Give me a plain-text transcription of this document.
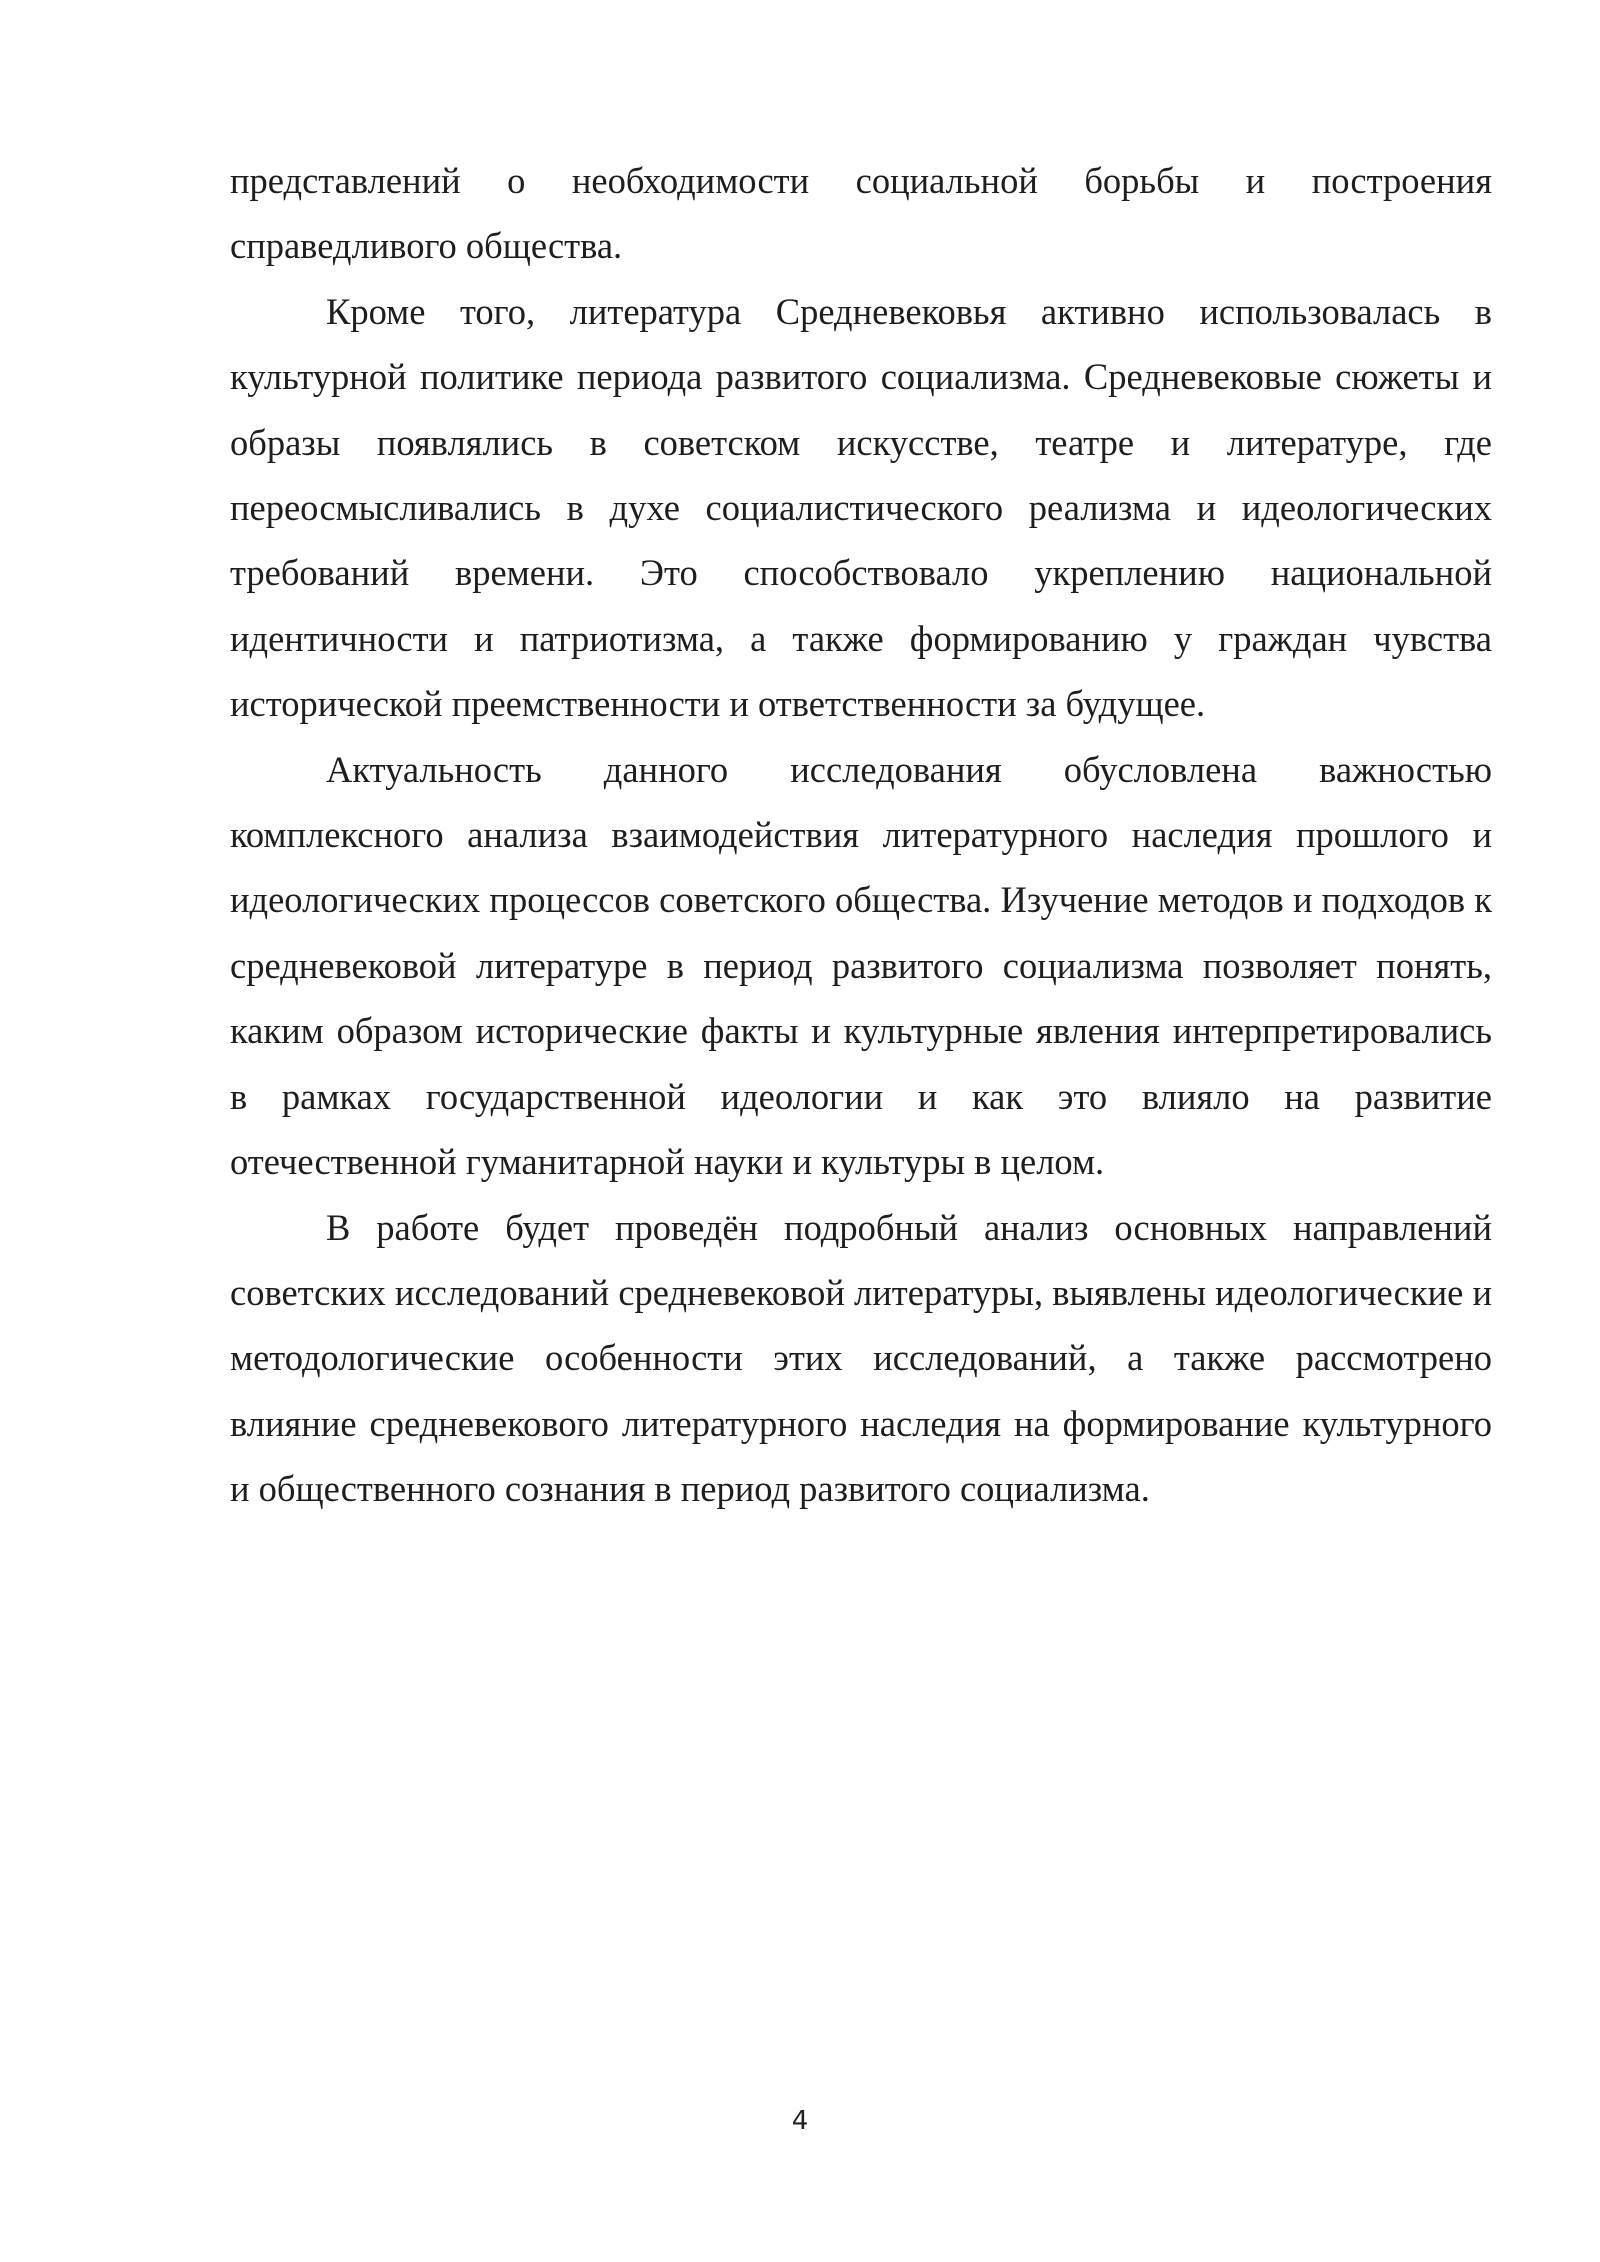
представлений о необходимости социальной борьбы и построения справедливого общества.

Кроме того, литература Средневековья активно использовалась в культурной политике периода развитого социализма. Средневековые сюжеты и образы появлялись в советском искусстве, театре и литературе, где переосмысливались в духе социалистического реализма и идеологических требований времени. Это способствовало укреплению национальной идентичности и патриотизма, а также формированию у граждан чувства исторической преемственности и ответственности за будущее.

Актуальность данного исследования обусловлена важностью комплексного анализа взаимодействия литературного наследия прошлого и идеологических процессов советского общества. Изучение методов и подходов к средневековой литературе в период развитого социализма позволяет понять, каким образом исторические факты и культурные явления интерпретировались в рамках государственной идеологии и как это влияло на развитие отечественной гуманитарной науки и культуры в целом.

В работе будет проведён подробный анализ основных направлений советских исследований средневековой литературы, выявлены идеологические и методологические особенности этих исследований, а также рассмотрено влияние средневекового литературного наследия на формирование культурного и общественного сознания в период развитого социализма.

4
